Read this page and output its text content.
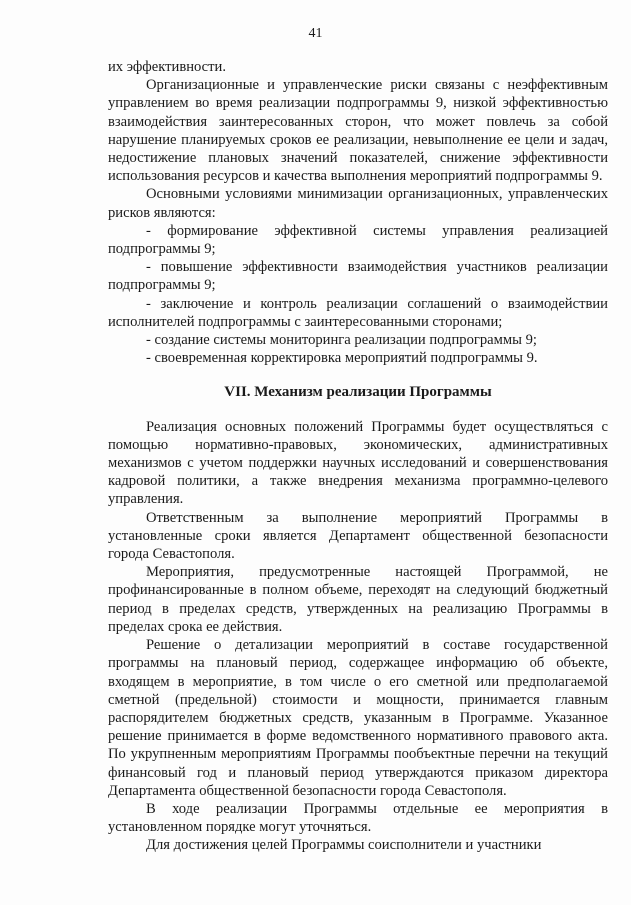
41

их эффективности.

Организационные и управленческие риски связаны с неэффективным управлением во время реализации подпрограммы 9, низкой эффективностью взаимодействия заинтересованных сторон, что может повлечь за собой нарушение планируемых сроков ее реализации, невыполнение ее цели и задач, недостижение плановых значений показателей, снижение эффективности использования ресурсов и качества выполнения мероприятий подпрограммы 9.

Основными условиями минимизации организационных, управленческих рисков являются:

- формирование эффективной системы управления реализацией подпрограммы 9;

- повышение эффективности взаимодействия участников реализации подпрограммы 9;

- заключение и контроль реализации соглашений о взаимодействии исполнителей подпрограммы с заинтересованными сторонами;

- создание системы мониторинга реализации подпрограммы 9;

- своевременная корректировка мероприятий подпрограммы 9.

VII. Механизм реализации Программы

Реализация основных положений Программы будет осуществляться с помощью нормативно-правовых, экономических, административных механизмов с учетом поддержки научных исследований и совершенствования кадровой политики, а также внедрения механизма программно-целевого управления.

Ответственным за выполнение мероприятий Программы в установленные сроки является Департамент общественной безопасности города Севастополя.

Мероприятия, предусмотренные настоящей Программой, не профинансированные в полном объеме, переходят на следующий бюджетный период в пределах средств, утвержденных на реализацию Программы в пределах срока ее действия.

Решение о детализации мероприятий в составе государственной программы на плановый период, содержащее информацию об объекте, входящем в мероприятие, в том числе о его сметной или предполагаемой сметной (предельной) стоимости и мощности, принимается главным распорядителем бюджетных средств, указанным в Программе. Указанное решение принимается в форме ведомственного нормативного правового акта. По укрупненным мероприятиям Программы пообъектные перечни на текущий финансовый год и плановый период утверждаются приказом директора Департамента общественной безопасности города Севастополя.

В ходе реализации Программы отдельные ее мероприятия в установленном порядке могут уточняться.

Для достижения целей Программы соисполнители и участники
